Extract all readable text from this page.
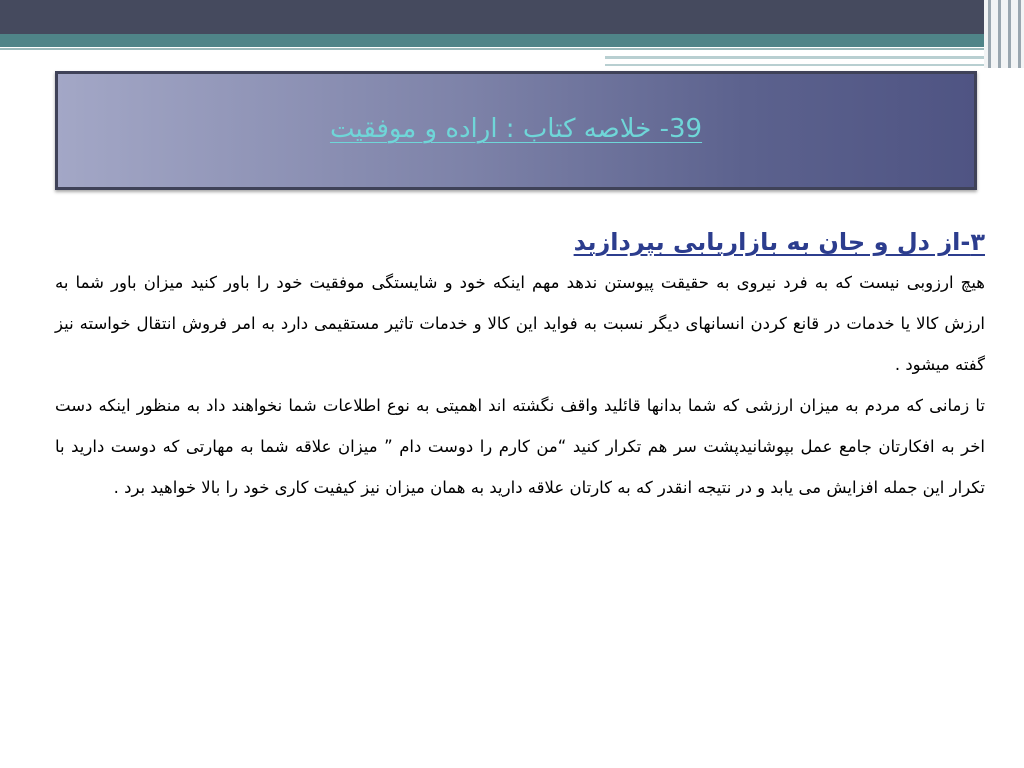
39- خلاصه کتاب : اراده و موفقیت

۳-از دل و جان به بازاریابی بپردازید

هیچ ارزوبی نیست که به فرد نیروی به حقیقت پیوستن ندهد مهم اینکه خود و شایستگی موفقیت خود را باور کنید میزان باور شما به ارزش کالا یا خدمات در قانع کردن انسانهای دیگر نسبت به فواید این کالا و خدمات تاثیر مستقیمی دارد به امر فروش انتقال خواسته نیز گفته میشود .

تا زمانی که مردم به میزان ارزشی که شما بدانها قائلید واقف نگشته اند اهمیتی به نوع اطلاعات شما نخواهند داد به منظور اینکه دست اخر به افکارتان جامع عمل بپوشانیدپشت سر هم تکرار کنید “من کارم را دوست دام ” میزان علاقه شما به مهارتی که دوست دارید با تکرار این جمله افزایش می یابد و در نتیجه انقدر که به کارتان علاقه دارید به همان میزان نیز کیفیت کاری خود را بالا خواهید برد .
